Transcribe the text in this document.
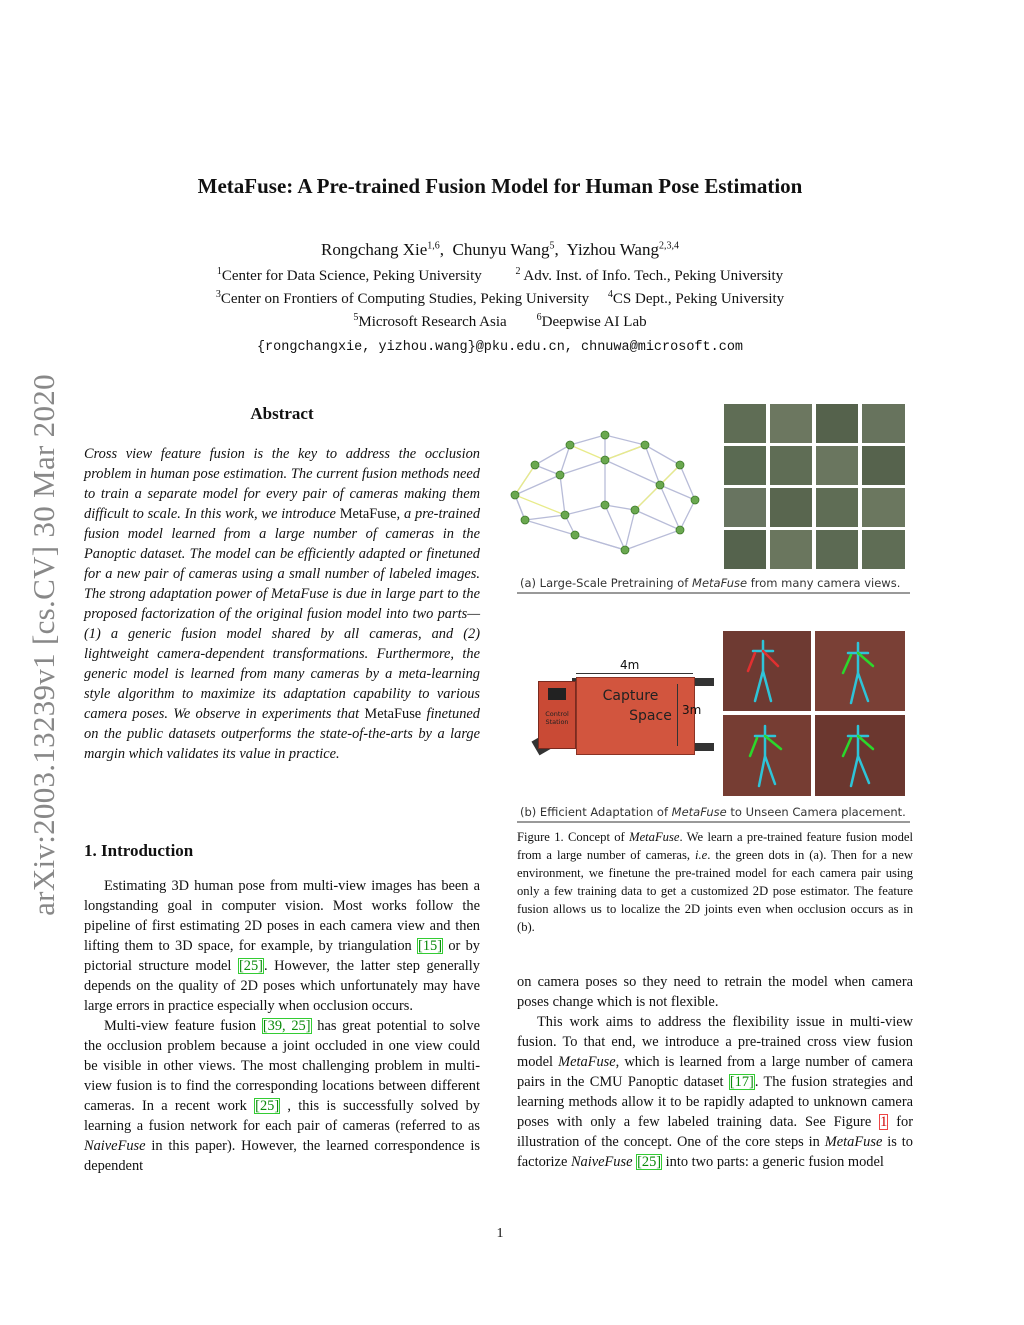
arXiv:2003.13239v1 [cs.CV] 30 Mar 2020
MetaFuse: A Pre-trained Fusion Model for Human Pose Estimation
Rongchang Xie$^{1,6}$,  Chunyu Wang$^5$,  Yizhou Wang$^{2,3,4}$
$^1$Center for Data Science, Peking University	$^2$ Adv. Inst. of Info. Tech., Peking University
$^3$Center on Frontiers of Computing Studies, Peking University $^4$CS Dept., Peking University
$^5$Microsoft Research Asia	$^6$Deepwise AI Lab
{rongchangxie, yizhou.wang}@pku.edu.cn, chnuwa@microsoft.com
Abstract
Cross view feature fusion is the key to address the occlusion problem in human pose estimation. The current fusion methods need to train a separate model for every pair of cameras making them difficult to scale. In this work, we introduce MetaFuse, a pre-trained fusion model learned from a large number of cameras in the Panoptic dataset. The model can be efficiently adapted or finetuned for a new pair of cameras using a small number of labeled images. The strong adaptation power of MetaFuse is due in large part to the proposed factorization of the original fusion model into two parts— (1) a generic fusion model shared by all cameras, and (2) lightweight camera-dependent transformations. Furthermore, the generic model is learned from many cameras by a meta-learning style algorithm to maximize its adaptation capability to various camera poses. We observe in experiments that MetaFuse finetuned on the public datasets outperforms the state-of-the-arts by a large margin which validates its value in practice.
1. Introduction

Estimating 3D human pose from multi-view images has been a longstanding goal in computer vision. Most works follow the pipeline of first estimating 2D poses in each camera view and then lifting them to 3D space, for example, by triangulation [15] or by pictorial structure model [25]. However, the latter step generally depends on the quality of 2D poses which unfortunately may have large errors in practice especially when occlusion occurs.

Multi-view feature fusion [39, 25] has great potential to solve the occlusion problem because a joint occluded in one view could be visible in other views. The most challenging problem in multi-view fusion is to find the corresponding locations between different cameras. In a recent work [25] , this is successfully solved by learning a fusion network for each pair of cameras (referred to as NaiveFuse in this paper). However, the learned correspondence is dependent

(a) Large-Scale Pretraining of MetaFuse from many camera views.
Control
Station
Capture
Space
4m
3m
(b) Efficient Adaptation of MetaFuse to Unseen Camera placement.
Figure 1. Concept of MetaFuse. We learn a pre-trained feature fusion model from a large number of cameras, i.e. the green dots in (a). Then for a new environment, we finetune the pre-trained model for each camera pair using only a few training data to get a customized 2D pose estimator. The feature fusion allows us to localize the 2D joints even when occlusion occurs as in (b).

on camera poses so they need to retrain the model when camera poses change which is not flexible.

This work aims to address the flexibility issue in multi-view fusion. To that end, we introduce a pre-trained cross view fusion model MetaFuse, which is learned from a large number of camera pairs in the CMU Panoptic dataset [17]. The fusion strategies and learning methods allow it to be rapidly adapted to unknown camera poses with only a few labeled training data. See Figure 1 for illustration of the concept. One of the core steps in MetaFuse is to factorize NaiveFuse [25] into two parts: a generic fusion model

1
